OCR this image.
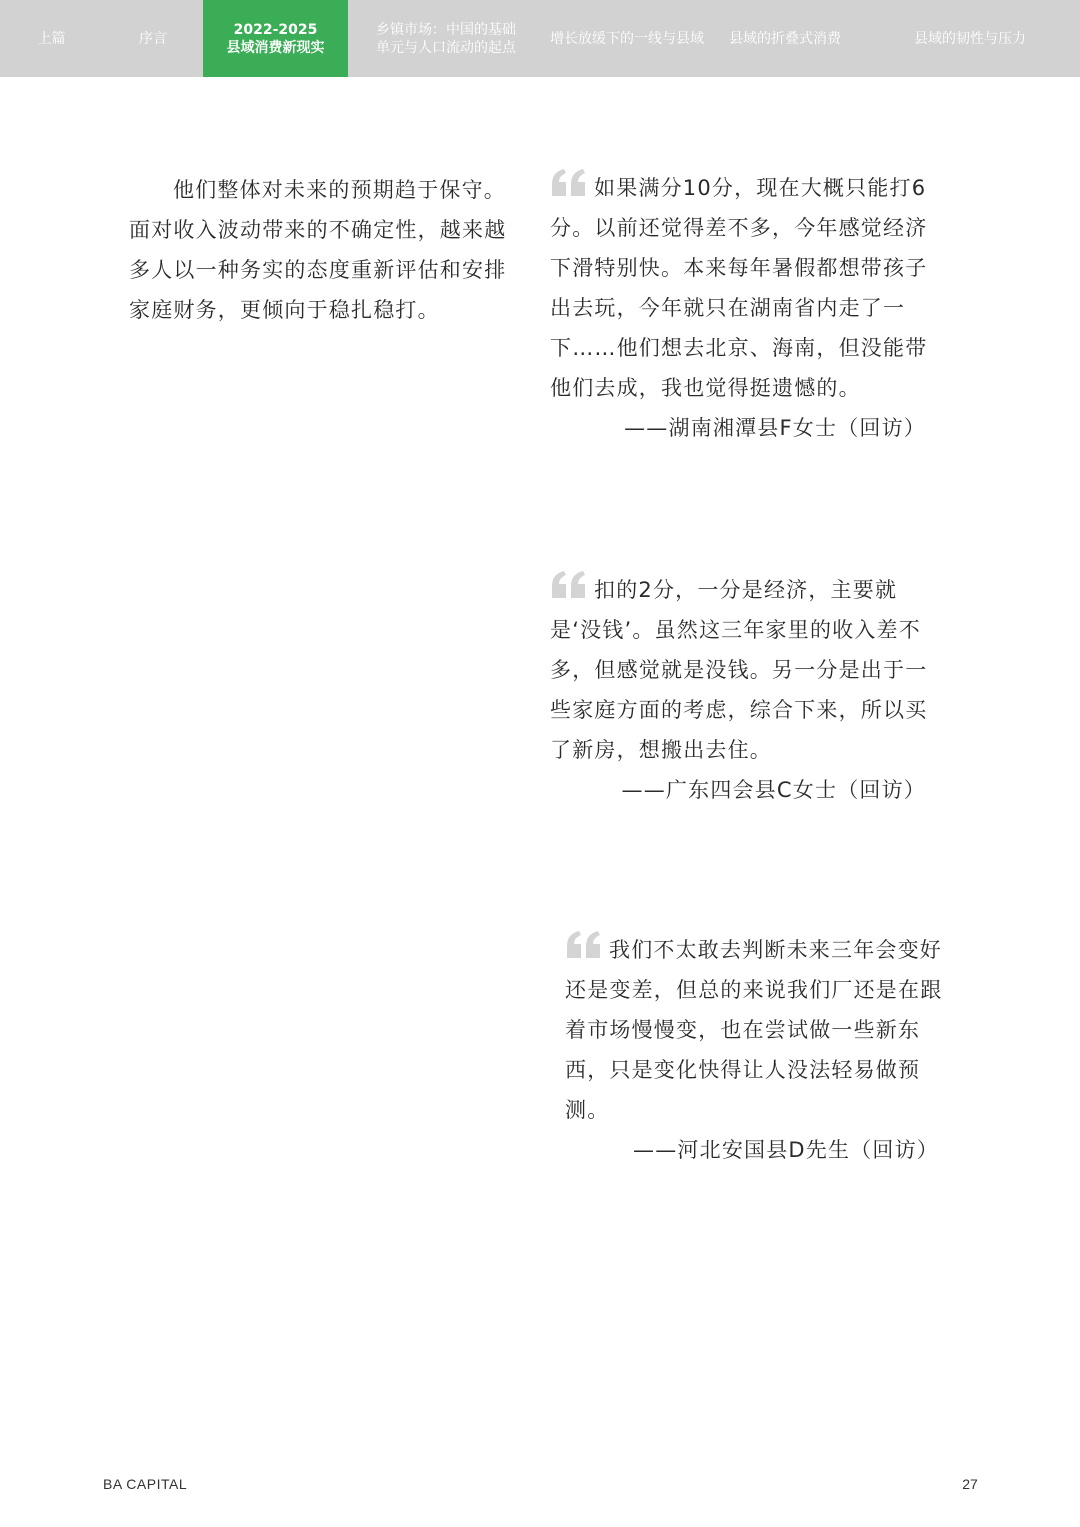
上篇	序言
2022-2025
县域消费新现实
乡镇市场：中国的基础
单元与人口流动的起点
增长放缓下的一线与县域 县域的折叠式消费	县域的韧性与压力

他们整体对未来的预期趋于保守。面对收入波动带来的不确定性，越来越多人以一种务实的态度重新评估和安排家庭财务，更倾向于稳扎稳打。

如果满分10分，现在大概只能打6分。以前还觉得差不多，今年感觉经济下滑特别快。本来每年暑假都想带孩子出去玩，今年就只在湖南省内走了一下……他们想去北京、海南，但没能带他们去成，我也觉得挺遗憾的。
——湖南湘潭县F女士（回访）

扣的2分，一分是经济，主要就是‘没钱’。虽然这三年家里的收入差不多，但感觉就是没钱。另一分是出于一些家庭方面的考虑，综合下来，所以买了新房，想搬出去住。
——广东四会县C女士（回访）

我们不太敢去判断未来三年会变好还是变差，但总的来说我们厂还是在跟着市场慢慢变，也在尝试做一些新东西，只是变化快得让人没法轻易做预测。
——河北安国县D先生（回访）

BA CAPITAL	27
